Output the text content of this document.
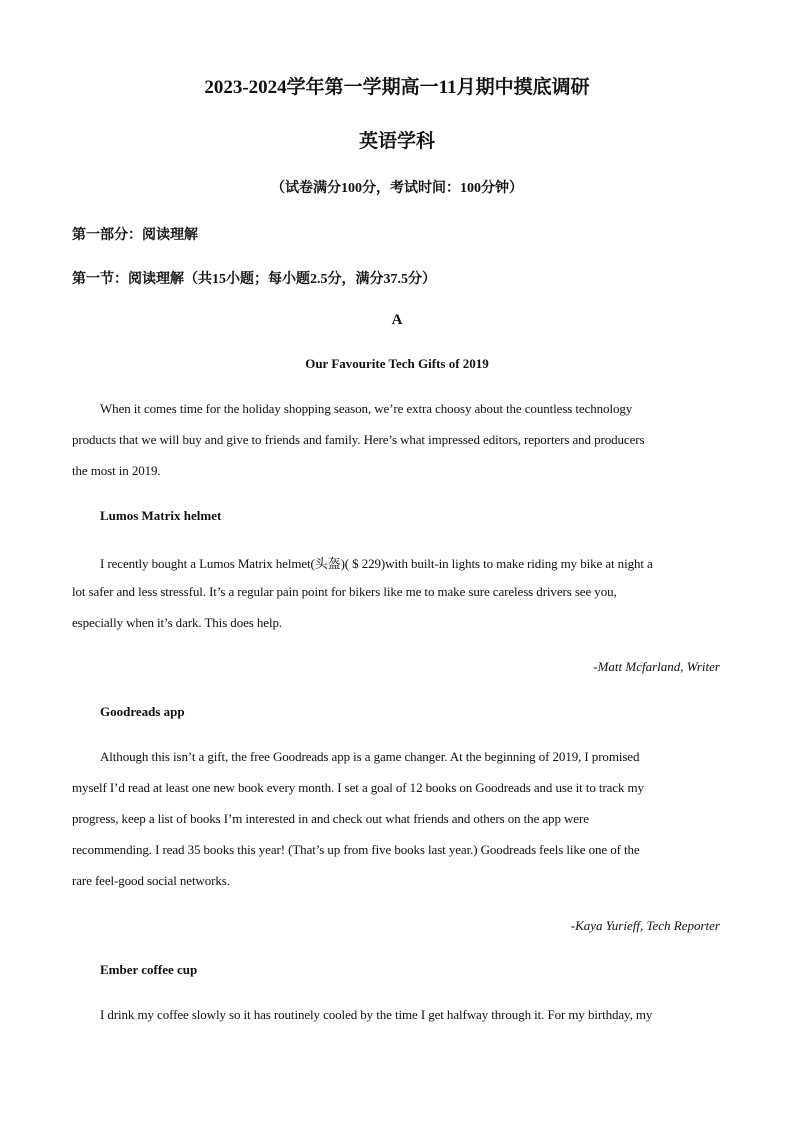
2023-2024学年第一学期高一11月期中摸底调研
英语学科
（试卷满分100分，考试时间：100分钟）
第一部分：阅读理解
第一节：阅读理解（共15小题；每小题2.5分，满分37.5分）
A
Our Favourite Tech Gifts of 2019
When it comes time for the holiday shopping season, we’re extra choosy about the countless technology
products that we will buy and give to friends and family. Here’s what impressed editors, reporters and producers
the most in 2019.
Lumos Matrix helmet
I recently bought a Lumos Matrix helmet(头盔)( $ 229)with built-in lights to make riding my bike at night a
lot safer and less stressful. It’s a regular pain point for bikers like me to make sure careless drivers see you,
especially when it’s dark. This does help.
-Matt Mcfarland, Writer
Goodreads app
Although this isn’t a gift, the free Goodreads app is a game changer. At the beginning of 2019, I promised
myself I’d read at least one new book every month. I set a goal of 12 books on Goodreads and use it to track my
progress, keep a list of books I’m interested in and check out what friends and others on the app were
recommending. I read 35 books this year! (That’s up from five books last year.) Goodreads feels like one of the
rare feel-good social networks.
-Kaya Yurieff, Tech Reporter
Ember coffee cup
I drink my coffee slowly so it has routinely cooled by the time I get halfway through it. For my birthday, my
